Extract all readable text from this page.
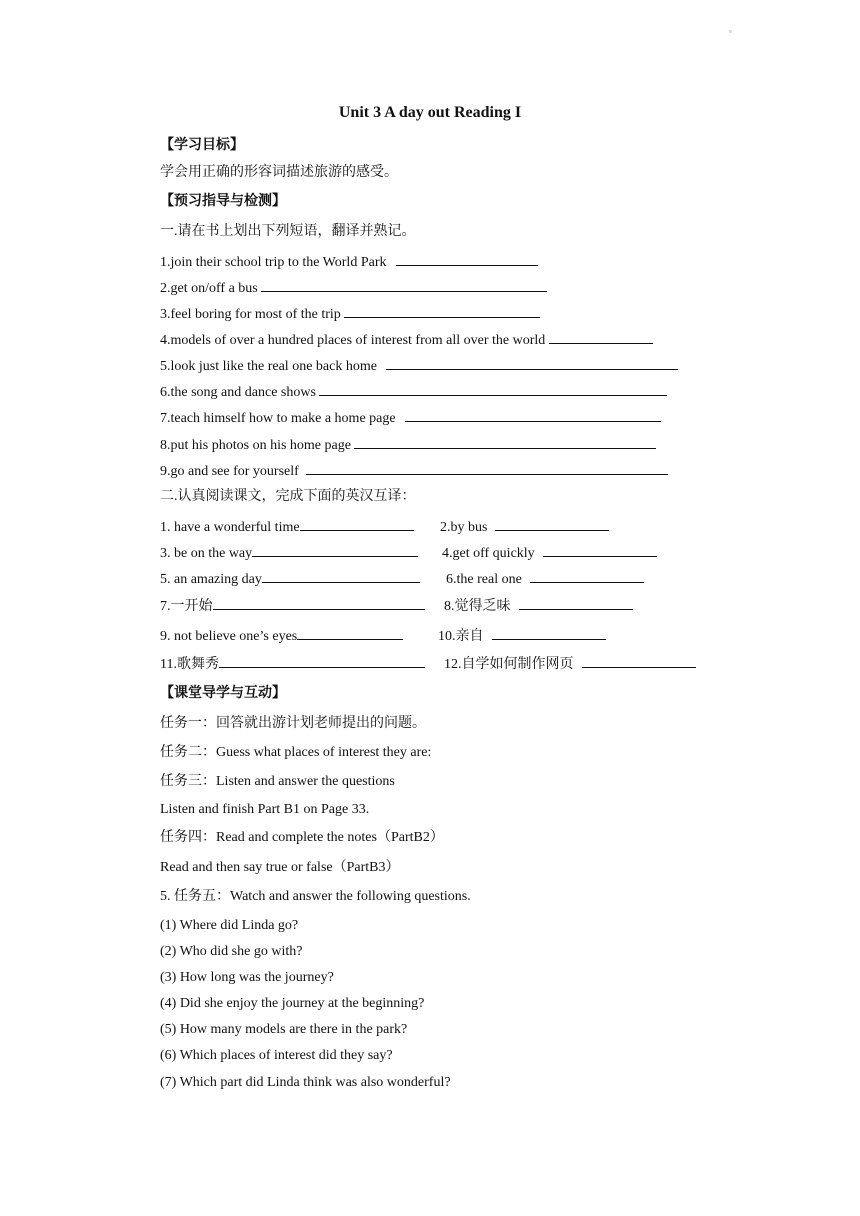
Unit 3 A day out Reading I
【学习目标】
学会用正确的形容词描述旅游的感受。
【预习指导与检测】
一.请在书上划出下列短语，翻译并熟记。
1.join their school trip to the World Park
2.get on/off a bus
3.feel boring for most of the trip
4.models of over a hundred places of interest from all over the world
5.look just like the real one back home
6.the song and dance shows
7.teach himself how to make a home page
8.put his photos on his home page
9.go and see for yourself
二.认真阅读课文，完成下面的英汉互译：
1. have a wonderful time	2.by bus
3. be on the way	4.get off quickly
5. an amazing day	6.the real one
7.一开始	8.觉得乏味
9. not believe one’s eyes	10.亲自
11.歌舞秀	12.自学如何制作网页
【课堂导学与互动】
任务一：回答就出游计划老师提出的问题。
任务二：Guess what places of interest they are:
任务三：Listen and answer the questions
Listen and finish Part B1 on Page 33.
任务四：Read and complete the notes（PartB2）
Read and then say true or false（PartB3）
5. 任务五：Watch and answer the following questions.
(1) Where did Linda go?
(2) Who did she go with?
(3) How long was the journey?
(4) Did she enjoy the journey at the beginning?
(5) How many models are there in the park?
(6) Which places of interest did they say?
(7) Which part did Linda think was also wonderful?
